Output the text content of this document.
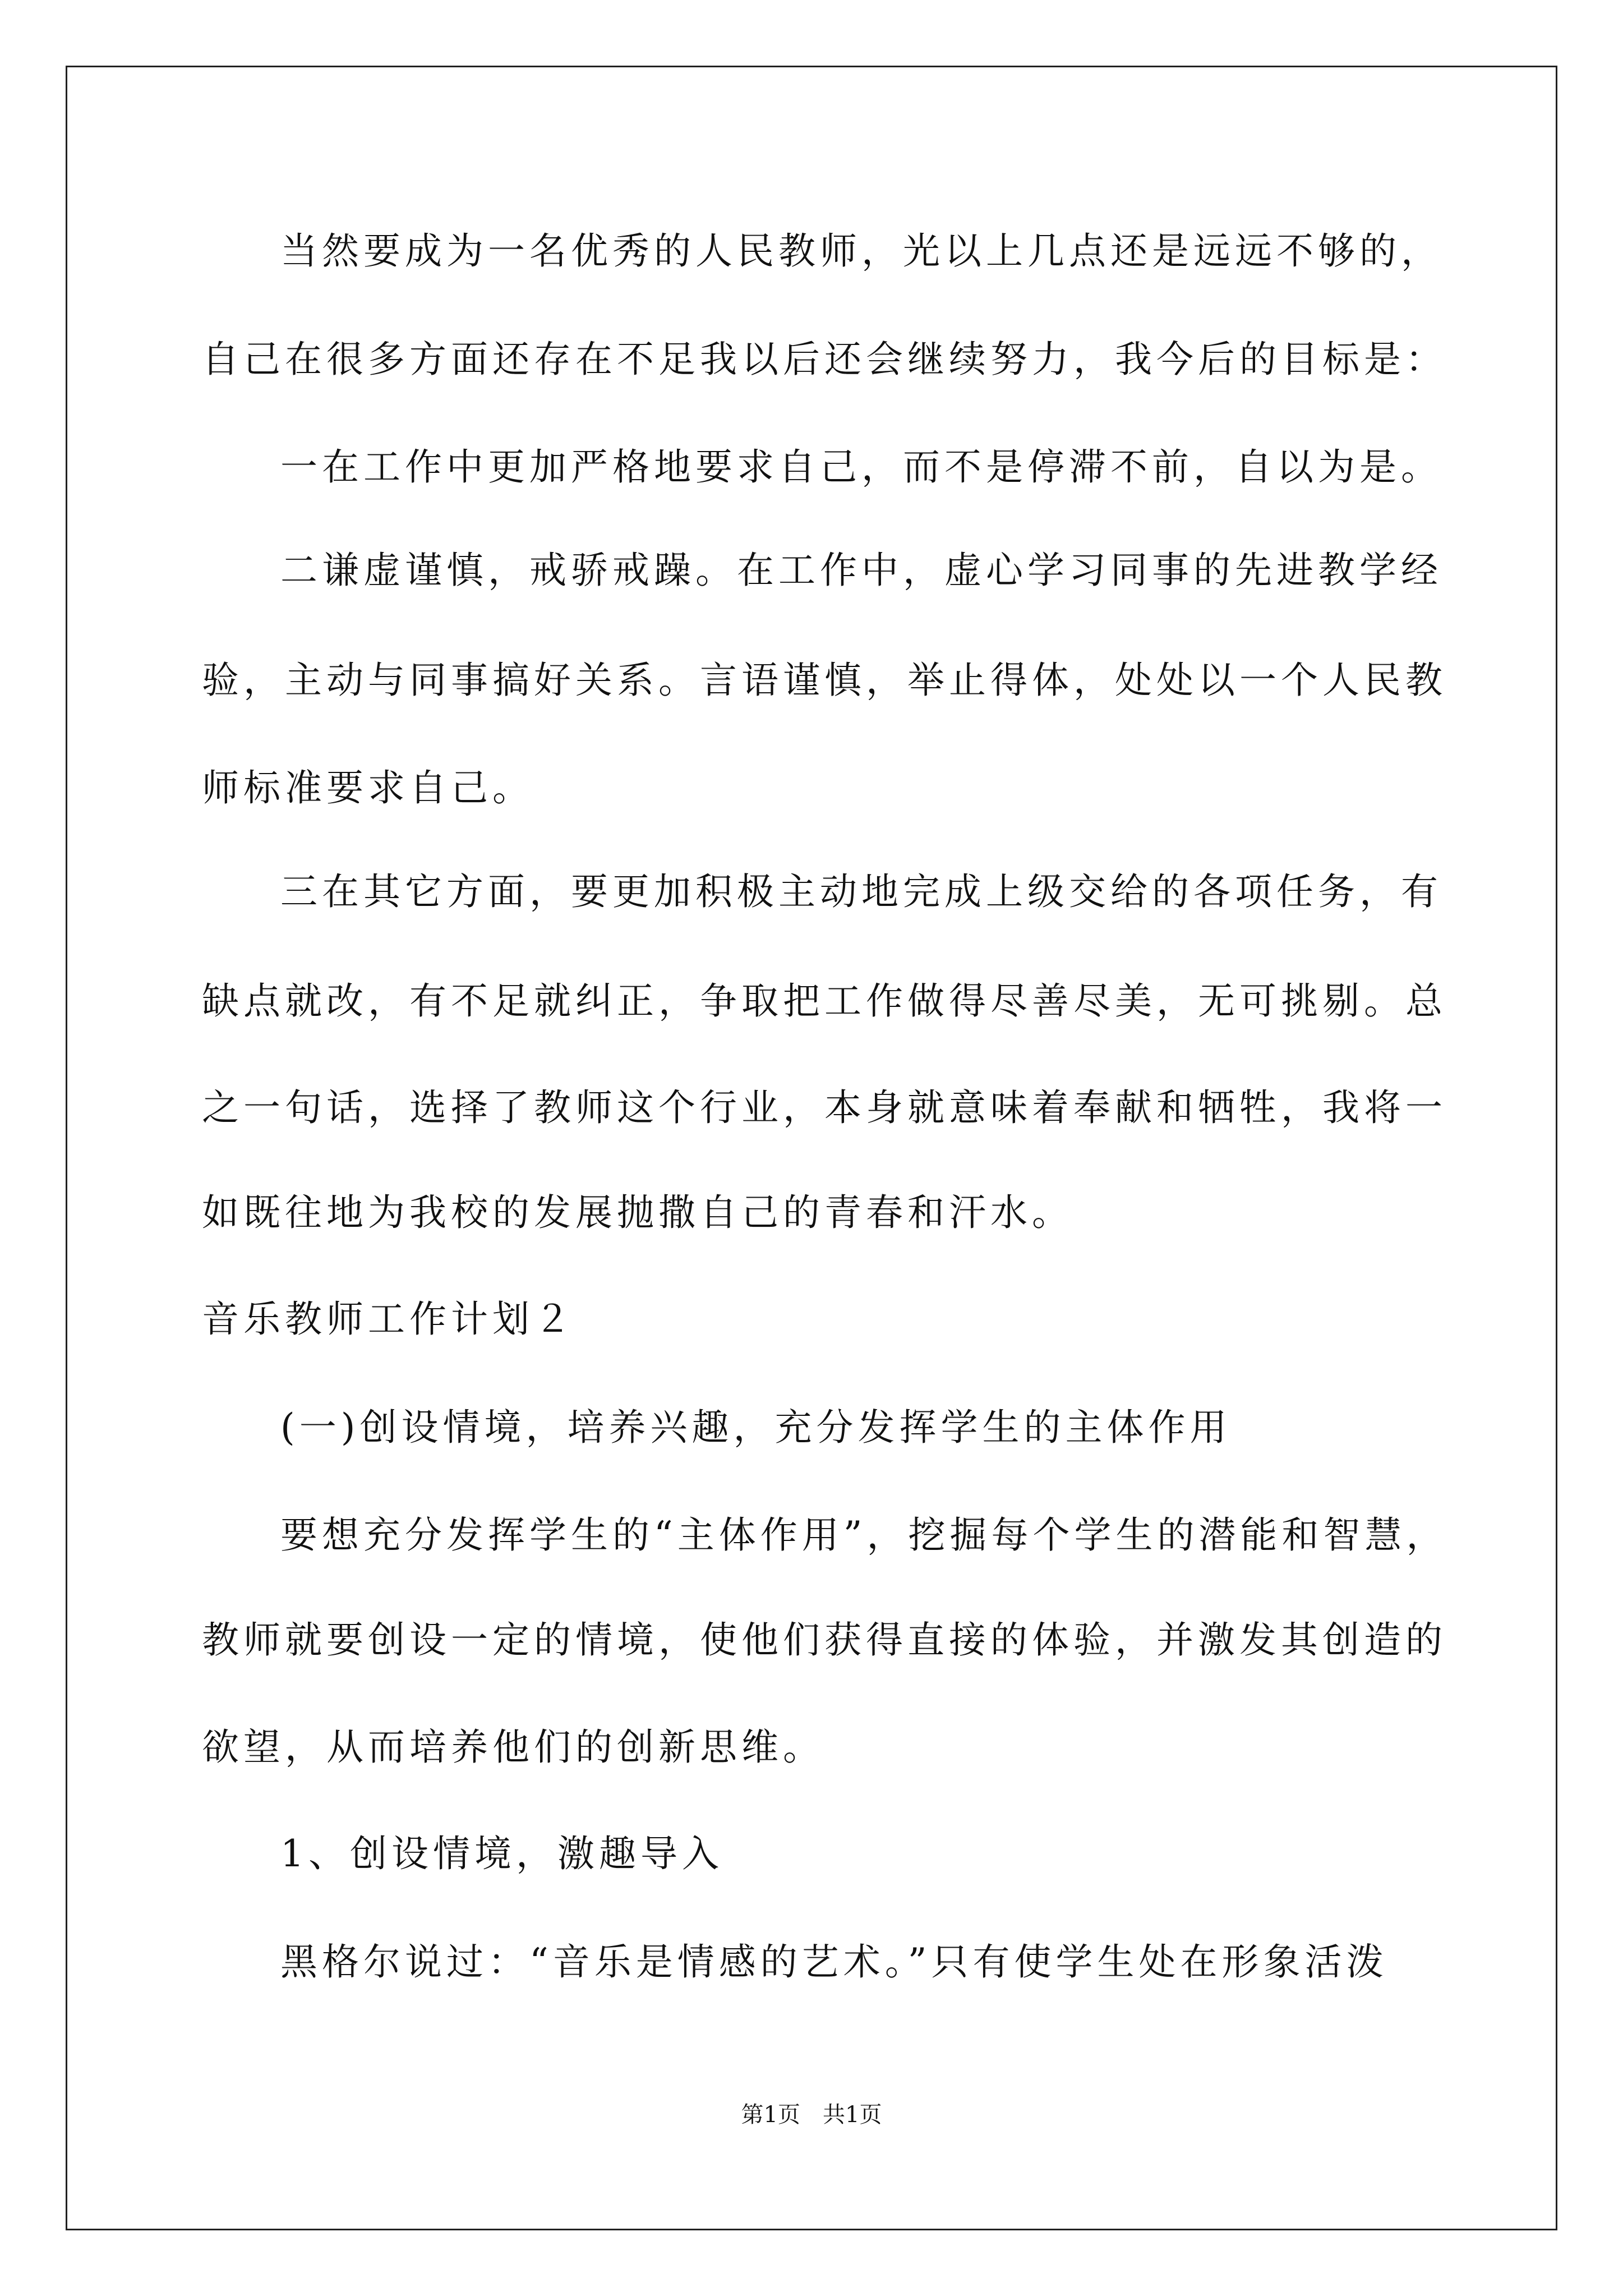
当然要成为一名优秀的人民教师，光以上几点还是远远不够的，
自己在很多方面还存在不足我以后还会继续努力，我今后的目标是：
一在工作中更加严格地要求自己，而不是停滞不前，自以为是。
二谦虚谨慎，戒骄戒躁。在工作中，虚心学习同事的先进教学经
验，主动与同事搞好关系。言语谨慎，举止得体，处处以一个人民教
师标准要求自己。
三在其它方面，要更加积极主动地完成上级交给的各项任务，有
缺点就改，有不足就纠正，争取把工作做得尽善尽美，无可挑剔。总
之一句话，选择了教师这个行业，本身就意味着奉献和牺牲，我将一
如既往地为我校的发展抛撒自己的青春和汗水。
音乐教师工作计划２
(一)创设情境，培养兴趣，充分发挥学生的主体作用
要想充分发挥学生的“主体作用”，挖掘每个学生的潜能和智慧，
教师就要创设一定的情境，使他们获得直接的体验，并激发其创造的
欲望，从而培养他们的创新思维。
1、创设情境，激趣导入
黑格尔说过：“音乐是情感的艺术。”只有使学生处在形象活泼
第1页　共1页
